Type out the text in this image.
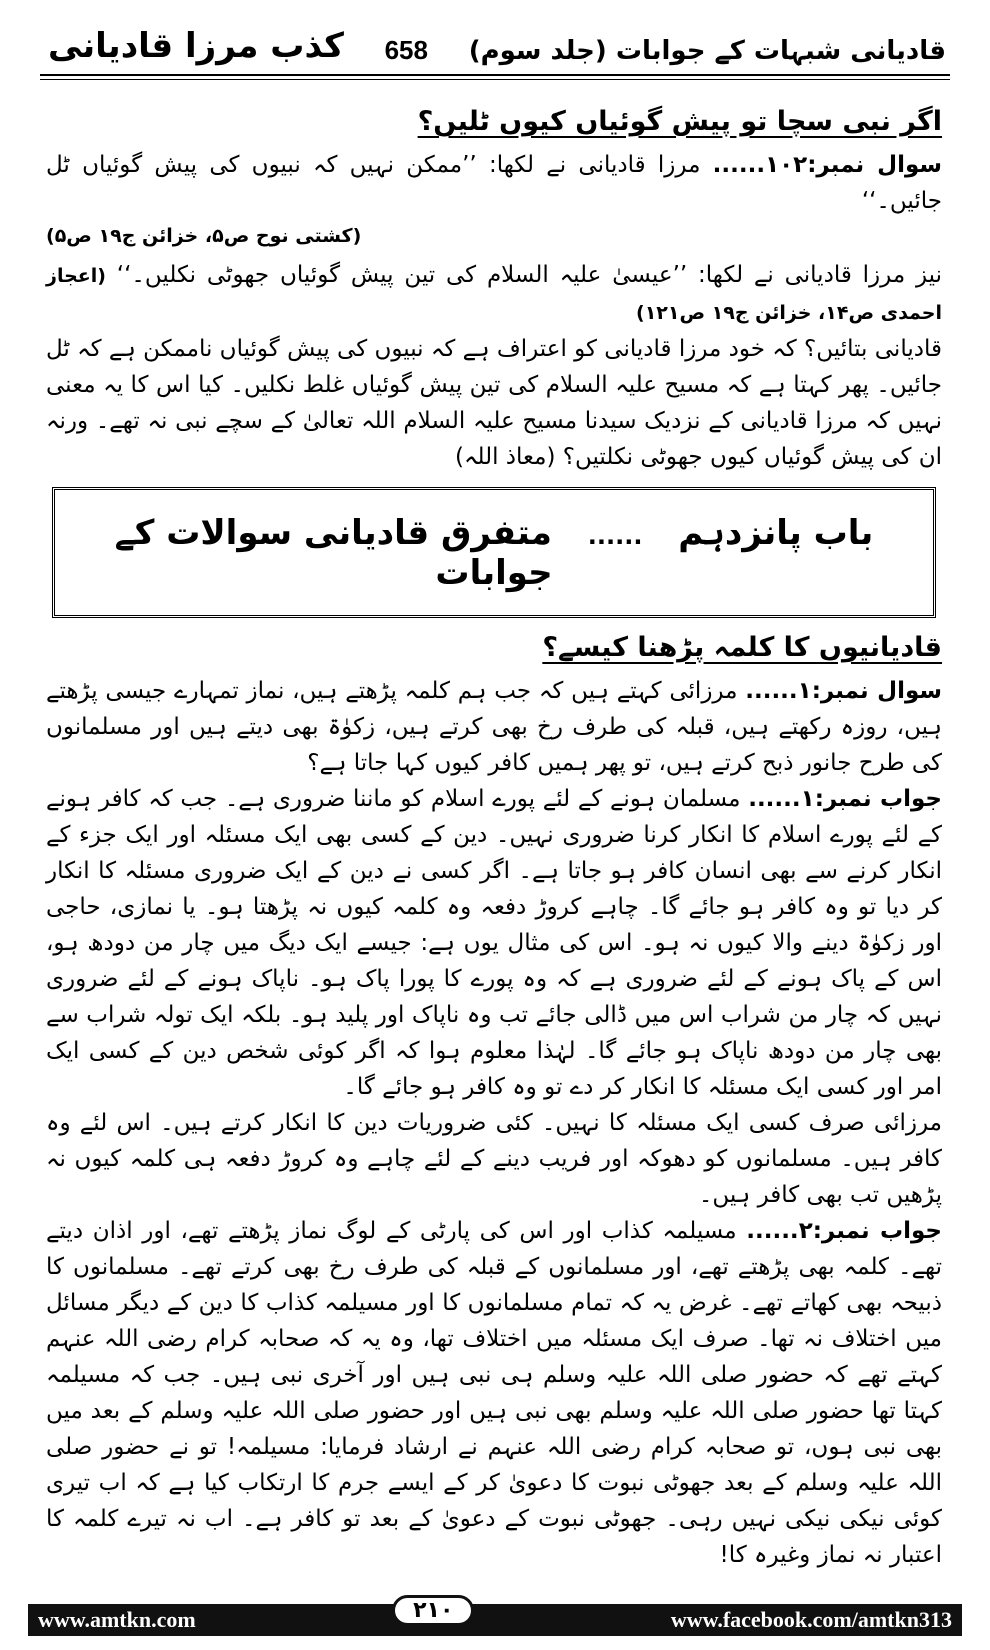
کذب مرزا قادیانی 658 قادیانی شبہات کے جوابات (جلد سوم)
اگر نبی سچا تو پیش گوئیاں کیوں ٹلیں؟

سوال نمبر:۱۰۲...... مرزا قادیانی نے لکھا: ’’ممکن نہیں کہ نبیوں کی پیش گوئیاں ٹل جائیں۔‘‘

(کشتی نوح ص۵، خزائن ج۱۹ ص۵)

نیز مرزا قادیانی نے لکھا: ’’عیسیٰ علیہ السلام کی تین پیش گوئیاں جھوٹی نکلیں۔‘‘ (اعجاز احمدی ص۱۴، خزائن ج۱۹ ص۱۲۱)

قادیانی بتائیں؟ کہ خود مرزا قادیانی کو اعتراف ہے کہ نبیوں کی پیش گوئیاں ناممکن ہے کہ ٹل جائیں۔ پھر کہتا ہے کہ مسیح علیہ السلام کی تین پیش گوئیاں غلط نکلیں۔ کیا اس کا یہ معنی نہیں کہ مرزا قادیانی کے نزدیک سیدنا مسیح علیہ السلام اللہ تعالیٰ کے سچے نبی نہ تھے۔ ورنہ ان کی پیش گوئیاں کیوں جھوٹی نکلتیں؟ (معاذ اللہ)

باب پانزدہم ...... متفرق قادیانی سوالات کے جوابات
قادیانیوں کا کلمہ پڑھنا کیسے؟

سوال نمبر:۱...... مرزائی کہتے ہیں کہ جب ہم کلمہ پڑھتے ہیں، نماز تمہارے جیسی پڑھتے ہیں، روزہ رکھتے ہیں، قبلہ کی طرف رخ بھی کرتے ہیں، زکوٰۃ بھی دیتے ہیں اور مسلمانوں کی طرح جانور ذبح کرتے ہیں، تو پھر ہمیں کافر کیوں کہا جاتا ہے؟

جواب نمبر:۱...... مسلمان ہونے کے لئے پورے اسلام کو ماننا ضروری ہے۔ جب کہ کافر ہونے کے لئے پورے اسلام کا انکار کرنا ضروری نہیں۔ دین کے کسی بھی ایک مسئلہ اور ایک جزء کے انکار کرنے سے بھی انسان کافر ہو جاتا ہے۔ اگر کسی نے دین کے ایک ضروری مسئلہ کا انکار کر دیا تو وہ کافر ہو جائے گا۔ چاہے کروڑ دفعہ وہ کلمہ کیوں نہ پڑھتا ہو۔ یا نمازی، حاجی اور زکوٰۃ دینے والا کیوں نہ ہو۔ اس کی مثال یوں ہے: جیسے ایک دیگ میں چار من دودھ ہو، اس کے پاک ہونے کے لئے ضروری ہے کہ وہ پورے کا پورا پاک ہو۔ ناپاک ہونے کے لئے ضروری نہیں کہ چار من شراب اس میں ڈالی جائے تب وہ ناپاک اور پلید ہو۔ بلکہ ایک تولہ شراب سے بھی چار من دودھ ناپاک ہو جائے گا۔ لہٰذا معلوم ہوا کہ اگر کوئی شخص دین کے کسی ایک امر اور کسی ایک مسئلہ کا انکار کر دے تو وہ کافر ہو جائے گا۔

مرزائی صرف کسی ایک مسئلہ کا نہیں۔ کئی ضروریات دین کا انکار کرتے ہیں۔ اس لئے وہ کافر ہیں۔ مسلمانوں کو دھوکہ اور فریب دینے کے لئے چاہے وہ کروڑ دفعہ ہی کلمہ کیوں نہ پڑھیں تب بھی کافر ہیں۔

جواب نمبر:۲...... مسیلمہ کذاب اور اس کی پارٹی کے لوگ نماز پڑھتے تھے، اور اذان دیتے تھے۔ کلمہ بھی پڑھتے تھے، اور مسلمانوں کے قبلہ کی طرف رخ بھی کرتے تھے۔ مسلمانوں کا ذبیحہ بھی کھاتے تھے۔ غرض یہ کہ تمام مسلمانوں کا اور مسیلمہ کذاب کا دین کے دیگر مسائل میں اختلاف نہ تھا۔ صرف ایک مسئلہ میں اختلاف تھا، وہ یہ کہ صحابہ کرام رضی اللہ عنہم کہتے تھے کہ حضور صلی اللہ علیہ وسلم ہی نبی ہیں اور آخری نبی ہیں۔ جب کہ مسیلمہ کہتا تھا حضور صلی اللہ علیہ وسلم بھی نبی ہیں اور حضور صلی اللہ علیہ وسلم کے بعد میں بھی نبی ہوں، تو صحابہ کرام رضی اللہ عنہم نے ارشاد فرمایا: مسیلمہ! تو نے حضور صلی اللہ علیہ وسلم کے بعد جھوٹی نبوت کا دعویٰ کر کے ایسے جرم کا ارتکاب کیا ہے کہ اب تیری کوئی نیکی نیکی نہیں رہی۔ جھوٹی نبوت کے دعویٰ کے بعد تو کافر ہے۔ اب نہ تیرے کلمہ کا اعتبار نہ نماز وغیرہ کا!

www.amtkn.com	۲۱۰	www.facebook.com/amtkn313
